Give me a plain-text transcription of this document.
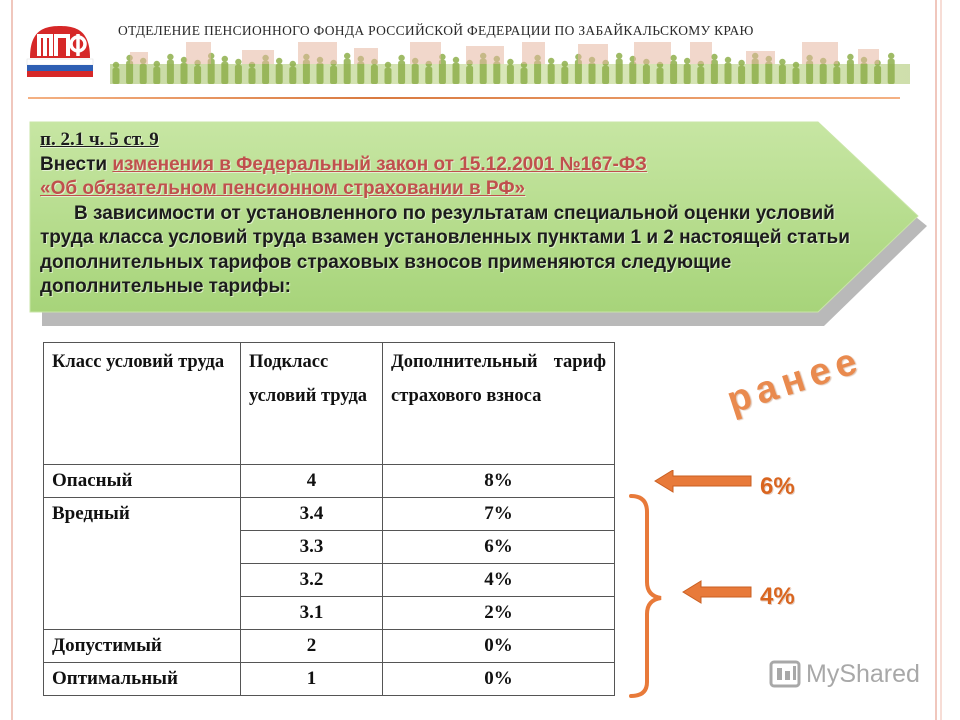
ОТДЕЛЕНИЕ ПЕНСИОННОГО ФОНДА РОССИЙСКОЙ ФЕДЕРАЦИИ ПО ЗАБАЙКАЛЬСКОМУ КРАЮ
п. 2.1 ч. 5 ст. 9
Внести изменения в Федеральный закон от 15.12.2001 №167-ФЗ
«Об обязательном пенсионном страховании в РФ»
В зависимости от установленного по результатам специальной оценки условий труда класса условий труда взамен установленных пунктами 1 и 2 настоящей статьи дополнительных тарифов страховых взносов применяются следующие дополнительные тарифы:
Класс условий труда	Подкласс условий труда	Дополнительный тариф страхового взноса
Опасный	4	8%
Вредный	3.4	7%
	3.3	6%
	3.2	4%
	3.1	2%
Допустимый	2	0%
Оптимальный	1	0%
ранее
6%
4%
MyShared
